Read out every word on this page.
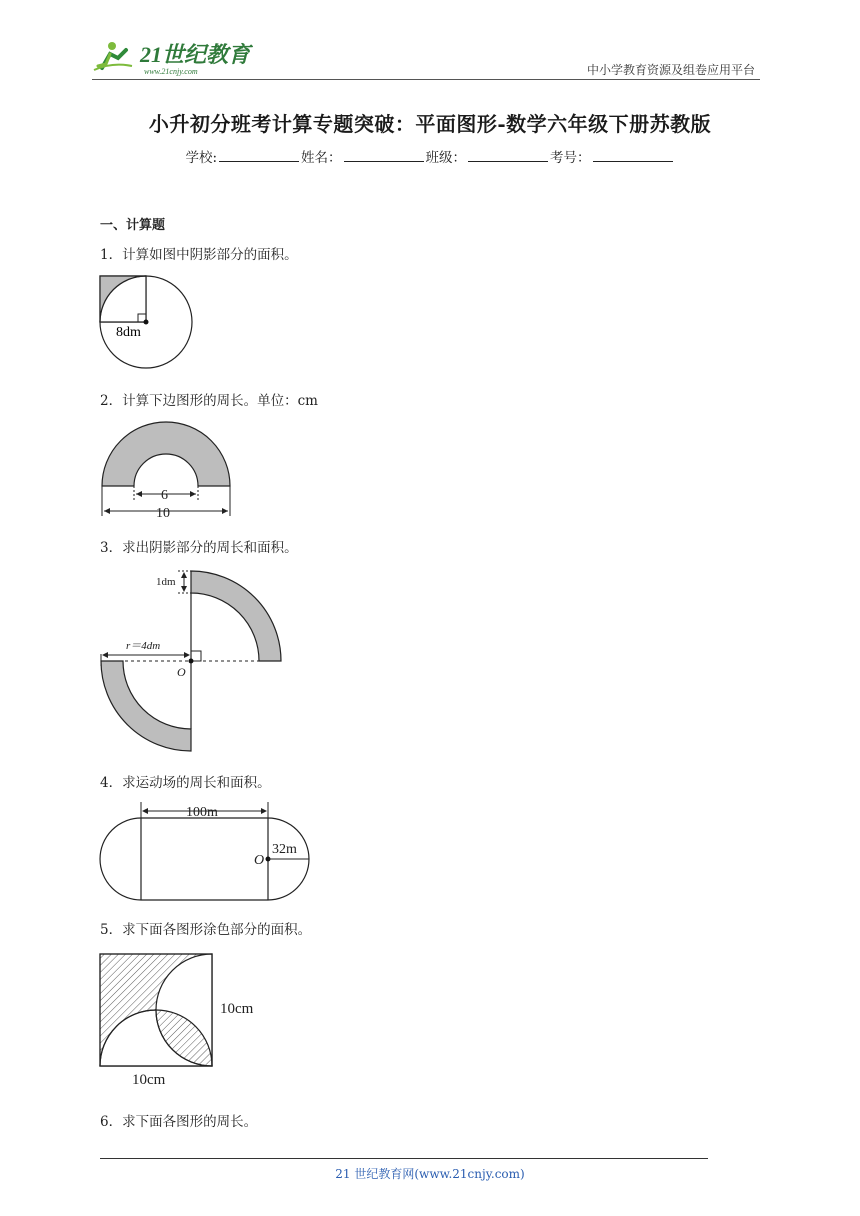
21世纪教育
www.21cnjy.com	中小学教育资源及组卷应用平台
小升初分班考计算专题突破：平面图形-数学六年级下册苏教版
学校:	姓名：	班级：	考号：
一、计算题
1．计算如图中阴影部分的面积。
8dm
2．计算下边图形的周长。单位：cm
6
10
3．求出阴影部分的周长和面积。
1dm
r＝4dm
O
4．求运动场的周长和面积。
100m
O
32m
5．求下面各图形涂色部分的面积。
10cm
10cm
6．求下面各图形的周长。
21 世纪教育网(www.21cnjy.com)
